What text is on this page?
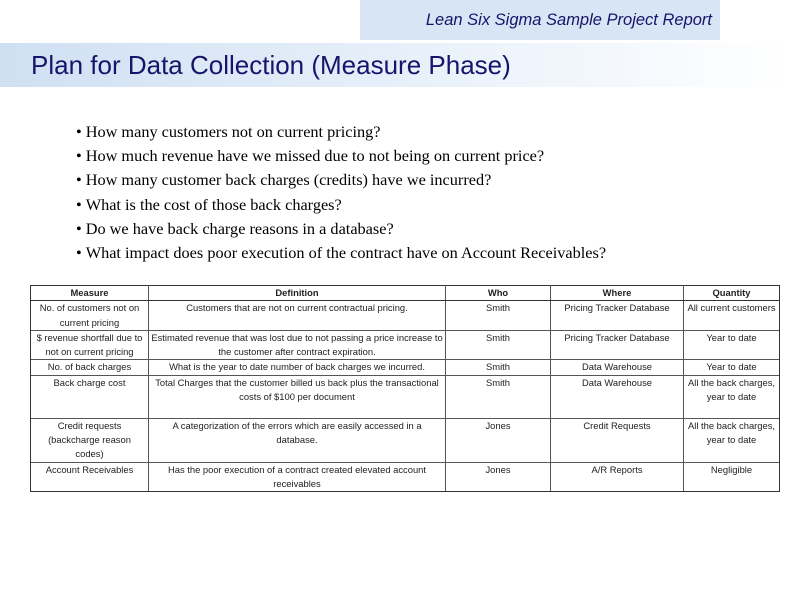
Lean Six Sigma Sample Project Report
Plan for Data Collection (Measure Phase)
• How many customers not on current pricing?
• How much revenue have we missed due to not being on current price?
• How many customer back charges (credits) have we incurred?
• What is the cost of those back charges?
• Do we have back charge reasons in a database?
• What impact does poor execution of the contract have on Account Receivables?
Measure	Definition	Who	Where	Quantity
No. of customers not on current pricing	Customers that are not on current contractual pricing.	Smith	Pricing Tracker Database	All current customers
$ revenue shortfall due to not on current pricing	Estimated revenue that was lost due to not passing a price increase to the customer after contract expiration.	Smith	Pricing Tracker Database	Year to date
No. of back charges	What is the year to date number of back charges we incurred.	Smith	Data Warehouse	Year to date
Back charge cost	Total Charges that the customer billed us back plus the transactional costs of $100 per document	Smith	Data Warehouse	All the back charges, year to date
Credit requests (backcharge reason codes)	A categorization of the errors which are easily accessed in a database.	Jones	Credit Requests	All the back charges, year to date
Account Receivables	Has the poor execution of a contract created elevated account receivables	Jones	A/R Reports	Negligible
